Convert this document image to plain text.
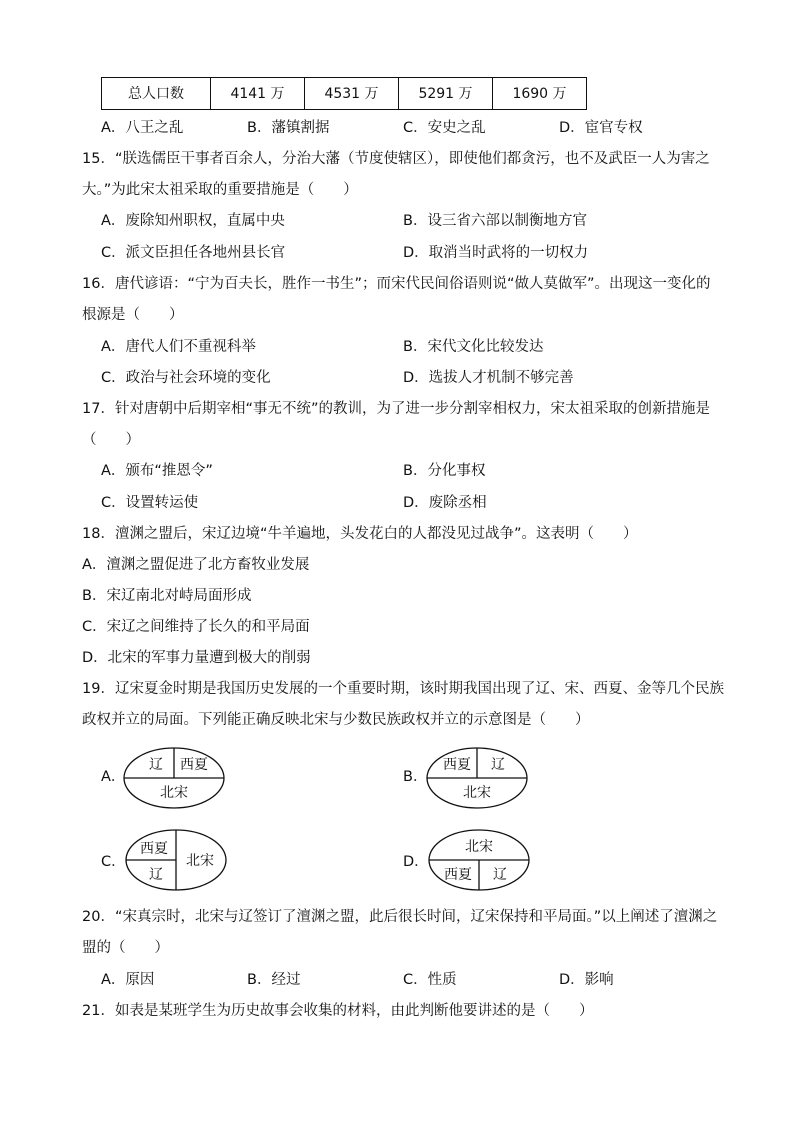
总人口数	4141 万	4531 万	5291 万	1690 万
A．八王之乱	B．藩镇割据	C．安史之乱	D．宦官专权
15．“朕选儒臣干事者百余人，分治大藩（节度使辖区），即使他们都贪污，也不及武臣一人为害之
大。”为此宋太祖采取的重要措施是（　　）
A．废除知州职权，直属中央	B．设三省六部以制衡地方官
C．派文臣担任各地州县长官	D．取消当时武将的一切权力
16．唐代谚语：“宁为百夫长，胜作一书生”；而宋代民间俗语则说“做人莫做军”。出现这一变化的
根源是（　　）
A．唐代人们不重视科举	B．宋代文化比较发达
C．政治与社会环境的变化	D．选拔人才机制不够完善
17．针对唐朝中后期宰相“事无不统”的教训，为了进一步分割宰相权力，宋太祖采取的创新措施是
（　　）
A．颁布“推恩令”	B．分化事权
C．设置转运使	D．废除丞相
18．澶渊之盟后，宋辽边境“牛羊遍地，头发花白的人都没见过战争”。这表明（　　）
A．澶渊之盟促进了北方畜牧业发展
B．宋辽南北对峙局面形成
C．宋辽之间维持了长久的和平局面
D．北宋的军事力量遭到极大的削弱
19．辽宋夏金时期是我国历史发展的一个重要时期，该时期我国出现了辽、宋、西夏、金等几个民族
政权并立的局面。下列能正确反映北宋与少数民族政权并立的示意图是（　　）
A．
辽 西夏
北宋
B．
西夏 辽
北宋
C．
西夏
辽
北宋	D．
北宋
西夏 辽
20．“宋真宗时，北宋与辽签订了澶渊之盟，此后很长时间，辽宋保持和平局面。”以上阐述了澶渊之
盟的（　　）
A．原因	B．经过	C．性质	D．影响
21．如表是某班学生为历史故事会收集的材料，由此判断他要讲述的是（　　）
